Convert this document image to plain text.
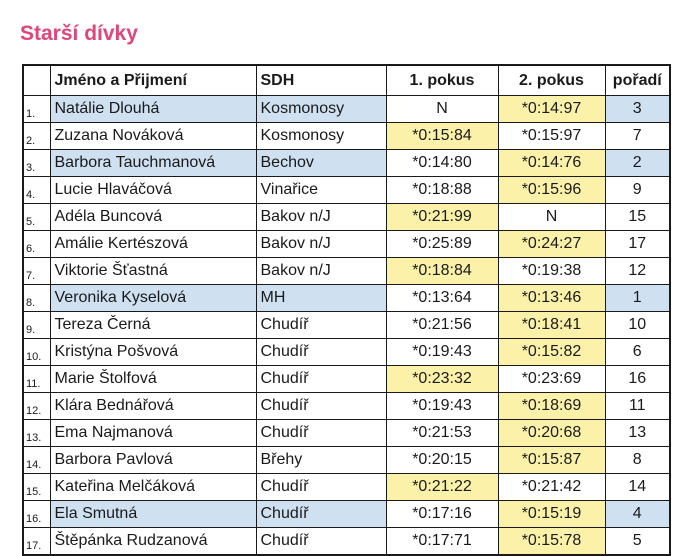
Starší dívky
	Jméno a Přijmení	SDH	1. pokus	2. pokus	pořadí
1.	Natálie Dlouhá	Kosmonosy	N	*0:14:97	3
2.	Zuzana Nováková	Kosmonosy	*0:15:84	*0:15:97	7
3.	Barbora Tauchmanová	Bechov	*0:14:80	*0:14:76	2
4.	Lucie Hlaváčová	Vinařice	*0:18:88	*0:15:96	9
5.	Adéla Buncová	Bakov n/J	*0:21:99	N	15
6.	Amálie Kertészová	Bakov n/J	*0:25:89	*0:24:27	17
7.	Viktorie Šťastná	Bakov n/J	*0:18:84	*0:19:38	12
8.	Veronika Kyselová	MH	*0:13:64	*0:13:46	1
9.	Tereza Černá	Chudíř	*0:21:56	*0:18:41	10
10.	Kristýna Pošvová	Chudíř	*0:19:43	*0:15:82	6
11.	Marie Štolfová	Chudíř	*0:23:32	*0:23:69	16
12.	Klára Bednářová	Chudíř	*0:19:43	*0:18:69	11
13.	Ema Najmanová	Chudíř	*0:21:53	*0:20:68	13
14.	Barbora Pavlová	Břehy	*0:20:15	*0:15:87	8
15.	Kateřina Melčáková	Chudíř	*0:21:22	*0:21:42	14
16.	Ela Smutná	Chudíř	*0:17:16	*0:15:19	4
17.	Štěpánka Rudzanová	Chudíř	*0:17:71	*0:15:78	5
